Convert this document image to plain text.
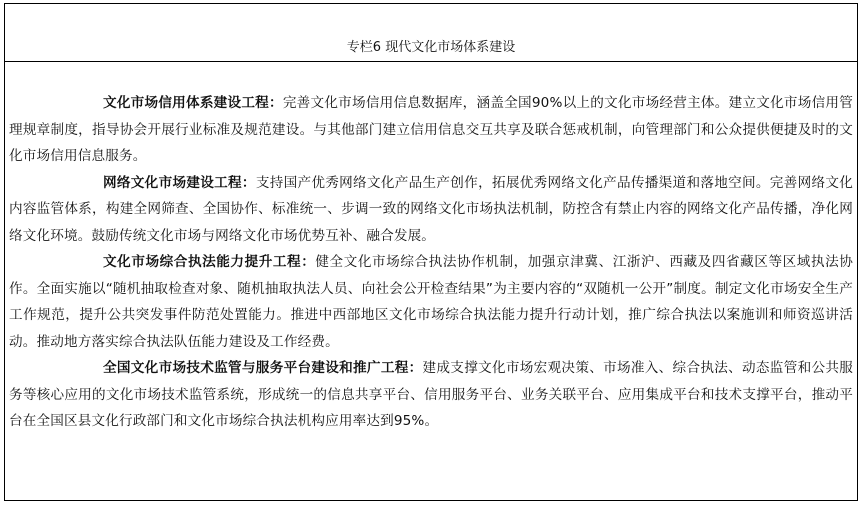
专栏6 现代文化市场体系建设

文化市场信用体系建设工程：完善文化市场信用信息数据库，涵盖全国90%以上的文化市场经营主体。建立文化市场信用管理规章制度，指导协会开展行业标准及规范建设。与其他部门建立信用信息交互共享及联合惩戒机制，向管理部门和公众提供便捷及时的文化市场信用信息服务。

网络文化市场建设工程：支持国产优秀网络文化产品生产创作，拓展优秀网络文化产品传播渠道和落地空间。完善网络文化内容监管体系，构建全网筛查、全国协作、标准统一、步调一致的网络文化市场执法机制，防控含有禁止内容的网络文化产品传播，净化网络文化环境。鼓励传统文化市场与网络文化市场优势互补、融合发展。

文化市场综合执法能力提升工程：健全文化市场综合执法协作机制，加强京津冀、江浙沪、西藏及四省藏区等区域执法协作。全面实施以“随机抽取检查对象、随机抽取执法人员、向社会公开检查结果”为主要内容的“双随机一公开”制度。制定文化市场安全生产工作规范，提升公共突发事件防范处置能力。推进中西部地区文化市场综合执法能力提升行动计划，推广综合执法以案施训和师资巡讲活动。推动地方落实综合执法队伍能力建设及工作经费。

全国文化市场技术监管与服务平台建设和推广工程：建成支撑文化市场宏观决策、市场准入、综合执法、动态监管和公共服务等核心应用的文化市场技术监管系统，形成统一的信息共享平台、信用服务平台、业务关联平台、应用集成平台和技术支撑平台，推动平台在全国区县文化行政部门和文化市场综合执法机构应用率达到95%。
